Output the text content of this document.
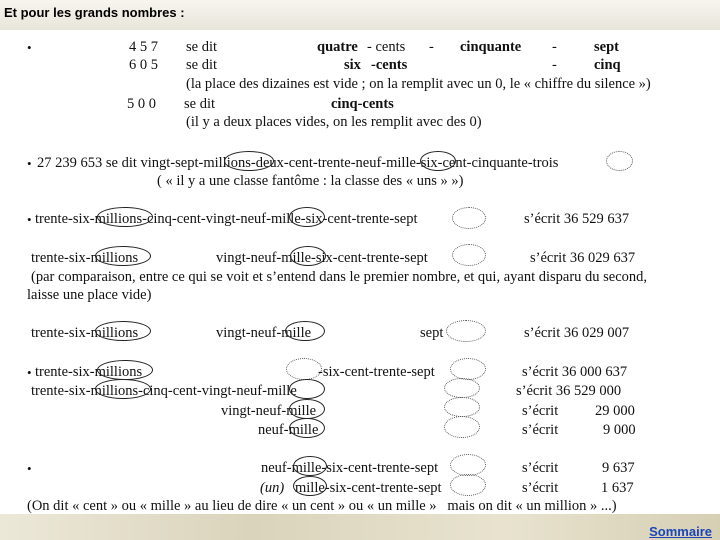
Et pour les grands nombres :
•	4 5 7 se dit	quatre - cents - cinquante -	sept
6 0 5 se dit	six -cents	-	cinq
(la place des dizaines est vide ; on la remplit avec un 0, le « chiffre du silence »)
5 0 0 se dit	cinq-cents
(il y a deux places vides, on les remplit avec des 0)
• 27 239 653 se dit vingt-sept-millions-deux-cent-trente-neuf-mille-six-cent-cinquante-trois
( « il y a une classe fantôme : la classe des « uns » »)
• trente-six-millions-cinq-cent-vingt-neuf-mille-six-cent-trente-sept	s’écrit 36 529 637
trente-six-millions	vingt-neuf-mille-six-cent-trente-sept	s’écrit 36 029 637
(par comparaison, entre ce qui se voit et s’entend dans le premier nombre, et qui, ayant disparu du second,
laisse une place vide)
trente-six-millions	vingt-neuf-mille	sept	s’écrit 36 029 007
• trente-six-millions	-six-cent-trente-sept	s’écrit 36 000 637
trente-six-millions-cinq-cent-vingt-neuf-mille	s’écrit 36 529 000
vingt-neuf-mille	s’écrit	29 000
neuf-mille	s’écrit	9 000
•	neuf-mille-six-cent-trente-sept	s’écrit	9 637
(un) mille-six-cent-trente-sept	s’écrit	1 637
(On dit « cent » ou « mille » au lieu de dire « un cent » ou « un mille »   mais on dit « un million » ...)
Sommaire
